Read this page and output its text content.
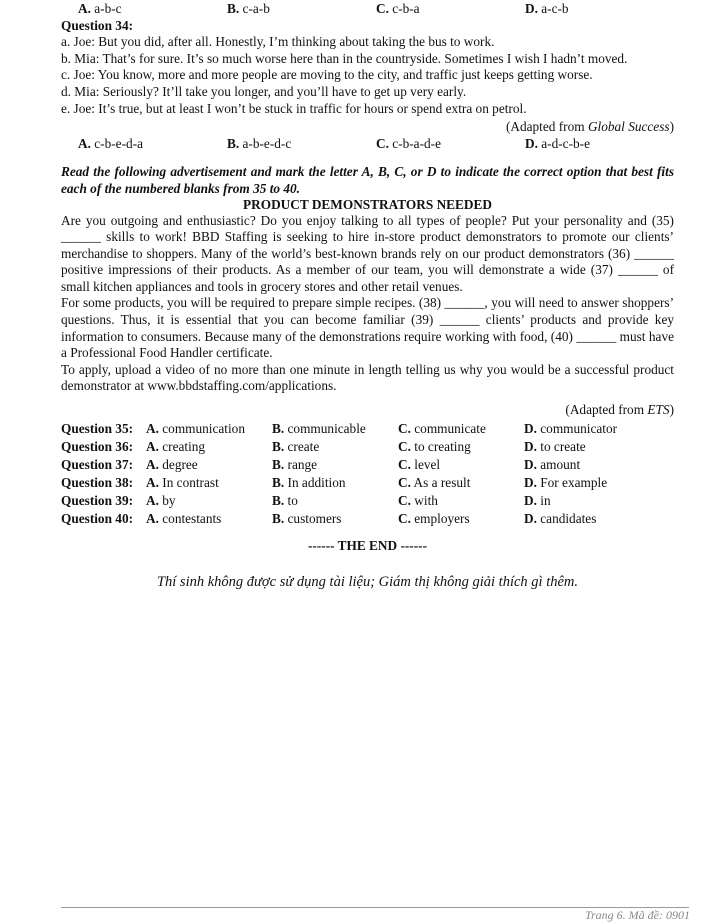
A. a-b-c	B. c-a-b	C. c-b-a	D. a-c-b
Question 34:
a. Joe: But you did, after all. Honestly, I’m thinking about taking the bus to work.
b. Mia: That’s for sure. It’s so much worse here than in the countryside. Sometimes I wish I hadn’t moved.
c. Joe: You know, more and more people are moving to the city, and traffic just keeps getting worse.
d. Mia: Seriously? It’ll take you longer, and you’ll have to get up very early.
e. Joe: It’s true, but at least I won’t be stuck in traffic for hours or spend extra on petrol.
(Adapted from Global Success)
A. c-b-e-d-a	B. a-b-e-d-c	C. c-b-a-d-e	D. a-d-c-b-e
Read the following advertisement and mark the letter A, B, C, or D to indicate the correct option that best fits each of the numbered blanks from 35 to 40.
PRODUCT DEMONSTRATORS NEEDED
Are you outgoing and enthusiastic? Do you enjoy talking to all types of people? Put your personality and (35) ______ skills to work! BBD Staffing is seeking to hire in-store product demonstrators to promote our clients’ merchandise to shoppers. Many of the world’s best-known brands rely on our product demonstrators (36) ______ positive impressions of their products. As a member of our team, you will demonstrate a wide (37) ______ of small kitchen appliances and tools in grocery stores and other retail venues.
For some products, you will be required to prepare simple recipes. (38) ______, you will need to answer shoppers’ questions. Thus, it is essential that you can become familiar (39) ______ clients’ products and provide key information to consumers. Because many of the demonstrations require working with food, (40) ______ must have a Professional Food Handler certificate.
To apply, upload a video of no more than one minute in length telling us why you would be a successful product demonstrator at www.bbdstaffing.com/applications.
(Adapted from ETS)
Question 35: A. communication	B. communicable	C. communicate	D. communicator
Question 36: A. creating	B. create	C. to creating	D. to create
Question 37: A. degree	B. range	C. level	D. amount
Question 38: A. In contrast	B. In addition	C. As a result	D. For example
Question 39: A. by	B. to	C. with	D. in
Question 40: A. contestants	B. customers	C. employers	D. candidates
------ THE END ------
Thí sinh không được sử dụng tài liệu; Giám thị không giải thích gì thêm.
Trang 6. Mã đề: 0901
